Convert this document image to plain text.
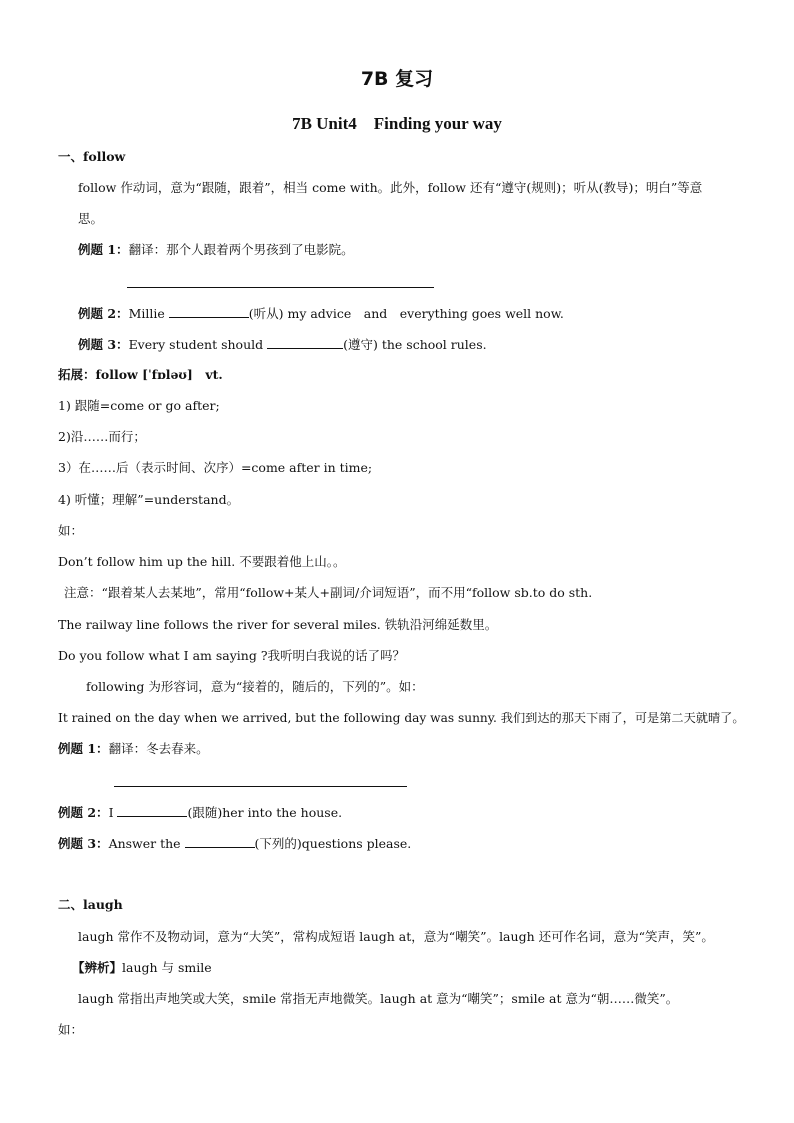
7B 复习
7B Unit4　Finding your way
一、follow
follow 作动词，意为“跟随，跟着”，相当 come with。此外，follow 还有“遵守(规则)；听从(教导)；明白”等意
思。
例题 1：翻译：那个人跟着两个男孩到了电影院。
例题 2：Millie	(听从) my advice　and　everything goes well now.
例题 3：Every student should	(遵守) the school rules.
拓展：follow [ˈfɒləʊ]　vt.
1) 跟随=come or go after;
2)沿……而行；
3）在……后（表示时间、次序）=come after in time;
4) 听懂；理解”=understand。
如：
Don’t follow him up the hill. 不要跟着他上山。。
注意：“跟着某人去某地”，常用“follow+某人+副词/介词短语”，而不用“follow sb.to do sth.
The railway line follows the river for several miles. 铁轨沿河绵延数里。
Do you follow what I am saying ?我听明白我说的话了吗？
following 为形容词，意为“接着的，随后的，下列的”。如：
It rained on the day when we arrived, but the following day was sunny. 我们到达的那天下雨了，可是第二天就晴了。
例题 1：翻译：冬去春来。
例题 2：I	(跟随)her into the house.
例题 3：Answer the	(下列的)questions please.
二、laugh
laugh 常作不及物动词，意为“大笑”，常构成短语 laugh at，意为“嘲笑”。laugh 还可作名词，意为“笑声，笑”。
【辨析】laugh 与 smile
laugh 常指出声地笑或大笑，smile 常指无声地微笑。laugh at 意为“嘲笑”；smile at 意为“朝……微笑”。
如：
